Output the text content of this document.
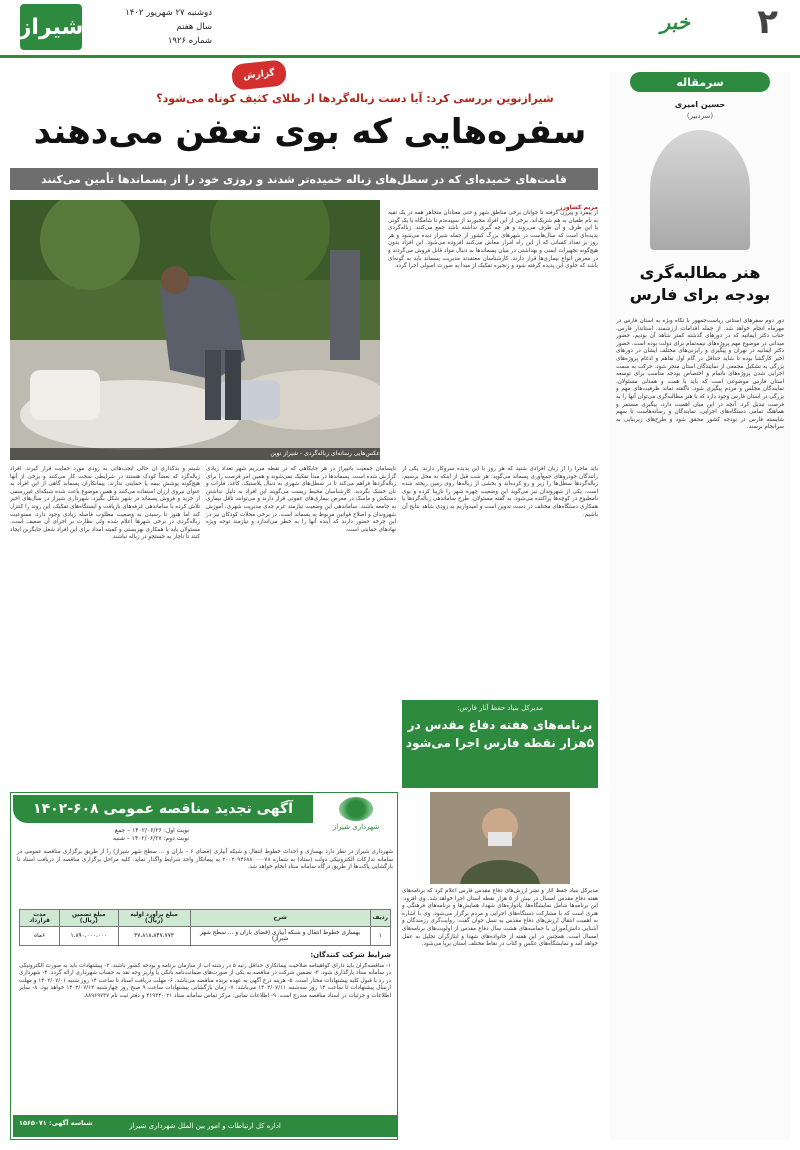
۲
خبر
شیراز
دوشنبه ۲۷ شهریور ۱۴۰۲
سال هفتم
شماره ۱۹۲۶
سرمقاله
حسین امیری
(سردبیر)
هنر مطالبه‌گری بودجه برای فارس
دور دوم سفرهای استانی ریاست‌جمهور با نگاه ویژه به استان فارس در مهرماه انجام خواهد شد. از جمله اقدامات ارزشمند، استاندار فارس، جناب دکتر ایمانیه که در دورهای گذشته کمتر شاهد آن بودیم، حضور میدانی در موضوع مهم پروژه‌های نیمه‌تمام برای دولت بوده است. حضور دکتر ایمانیه در تهران و پیگیری و رایزنی‌های مختلف ایشان در دورهای اخیر کارگشا بوده تا شاید حداقل در گام اول تفاهم و ادغام پروژه‌های بزرگی به تشکیل مجمعی از نمایندگان استان منجر شود. حرکت به سمت اجرایی شدن پروژه‌های ناتمام و اختصاص بودجه مناسب برای توسعه استان فارس موضوعی است که باید با همت و همدلی مسئولان، نمایندگان مجلس و مردم پیگیری شود. ناگفته نماند ظرفیت‌های مهم و بزرگی در استان فارس وجود دارد که با هنر مطالبه‌گری می‌توان آنها را به فرصت تبدیل کرد. آنچه در این میان اهمیت دارد، پیگیری مستمر و هماهنگ تمامی دستگاه‌های اجرایی، نمایندگان و رسانه‌هاست تا سهم شایسته فارس در بودجه کشور محقق شود و طرح‌های زیربنایی به سرانجام برسند.
گزارش
شیرازنوین بررسی کرد: آیا دست زباله‌گردها از طلای کثیف کوتاه می‌شود؟
سفره‌هایی که بوی تعفن می‌دهند
قامت‌های خمیده‌ای که در سطل‌های زباله خمیده‌تر شدند و روزی خود را از پسماندها تأمین می‌کنند
عکس‌هایی رسانه‌ای زباله‌گردی - شیراز نوین
مریم کشاورز
از پیمرد و پیرزن گرفته تا جوانان برخی مناطق شهر و حتی معتادان متجاهر همه در یک تقیه به نام طغیان به هم شریک‌اند. برخی از این افراد مجبورند از سپیده‌دم تا شامگاه با یک گونی یا این طرف و آن طرف می‌روند و هر چه گیری نداشته باشد جمع می‌کنند. زباله‌گردی پدیده‌ای است که سال‌هاست در شهرهای بزرگ کشور از جمله شیراز دیده می‌شود و هر روز بر تعداد کسانی که از این راه امرار معاش می‌کنند افزوده می‌شود. این افراد بدون هیچ‌گونه تجهیزات ایمنی و بهداشتی در میان پسماندها به دنبال مواد قابل فروش می‌گردند و در معرض انواع بیماری‌ها قرار دارند. کارشناسان معتقدند مدیریت پسماند باید به گونه‌ای باشد که جلوی این پدیده گرفته شود و زنجیره تفکیک از مبدأ به صورت اصولی اجرا گردد.
باید ماجرا را از زبان افرادی شنید که هر روز با این پدیده سروکار دارند. یکی از رانندگان خودروهای جمع‌آوری پسماند می‌گوید: هر شب قبل از اینکه به محل برسیم، زباله‌گردها سطل‌ها را زیر و رو کرده‌اند و بخشی از زباله‌ها روی زمین ریخته شده است. یکی از شهروندان نیز می‌گوید این وضعیت چهره شهر را نازیبا کرده و بوی نامطبوع در کوچه‌ها پراکنده می‌شود. به گفته مسئولان، طرح ساماندهی زباله‌گردها با همکاری دستگاه‌های مختلف در دست تدوین است و امیدواریم به زودی شاهد نتایج آن باشیم.
ناپسامان جمعیت بانیپراژ در هر جایگاهی که در نقطه می‌ریم شهر تعداد زیادی گزارش شده است. پسماندها در مبدأ تفکیک نمی‌شوند و همین امر فرصت را برای زباله‌گردها فراهم می‌کند تا در سطل‌های شهری به دنبال پلاستیک، کاغذ، فلزات و نان خشک بگردند. کارشناسان محیط زیست می‌گویند این افراد به دلیل نداشتن دستکش و ماسک در معرض بیماری‌های عفونی قرار دارند و می‌توانند ناقل بیماری به جامعه باشند. ساماندهی این وضعیت نیازمند عزم جدی مدیریت شهری، آموزش شهروندان و اصلاح قوانین مربوط به پسماند است. در برخی محلات کودکان نیز در این چرخه حضور دارند که آینده آنها را به خطر می‌اندازد و نیازمند توجه ویژه نهادهای حمایتی است.
شبنم و بدگذاری آن حالی ایجب‌هائی به زودی مورد حمایت قرار گیرند. افراد زباله‌گرد که بعضاً کودک هستند در شرایطی سخت کار می‌کنند و برخی از آنها هیچ‌گونه پوشش بیمه یا حمایتی ندارند. پیمانکاران پسماند گاهی از این افراد به عنوان نیروی ارزان استفاده می‌کنند و همین موضوع باعث شده شبکه‌ای غیررسمی از خرید و فروش پسماند در شهر شکل بگیرد. شهرداری شیراز در سال‌های اخیر تلاش کرده با ساماندهی غرفه‌های بازیافت و ایستگاه‌های تفکیک، این روند را کنترل کند اما هنوز تا رسیدن به وضعیت مطلوب فاصله زیادی وجود دارد. ممنوعیت زباله‌گردی در برخی شهرها اعلام شده ولی نظارت بر اجرای آن ضعیف است. مسئولان باید با همکاری بهزیستی و کمیته امداد برای این افراد شغل جایگزین ایجاد کنند تا ناچار به جستجو در زباله نباشند.
مدیرکل بنیاد حفظ آثار فارس:
برنامه‌های هفته دفاع مقدس در ۵هزار نقطه فارس اجرا می‌شود
مدیرکل بنیاد حفظ آثار و نشر ارزش‌های دفاع مقدس فارس اعلام کرد که برنامه‌های هفته دفاع مقدس امسال در بیش از ۵ هزار نقطه استان اجرا خواهد شد. وی افزود: این برنامه‌ها شامل نمایشگاه‌ها، یادواره‌های شهدا، همایش‌ها و برنامه‌های فرهنگی و هنری است که با مشارکت دستگاه‌های اجرایی و مردم برگزار می‌شود. وی با اشاره به اهمیت انتقال ارزش‌های دفاع مقدس به نسل جوان گفت: روایت‌گری رزمندگان و آشنایی دانش‌آموزان با حماسه‌های هشت سال دفاع مقدس از اولویت‌های برنامه‌های امسال است. همچنین در این هفته از خانواده‌های شهدا و ایثارگران تجلیل به عمل خواهد آمد و نمایشگاه‌های عکس و کتاب در نقاط مختلف استان برپا می‌شود.
آگهی تجدید مناقصه عمومی ۶۰۸-۱۴۰۲
شهرداری شیراز
نوبت اول: ۱۴۰۲/۰۶/۲۶ – جمع
نوبت دوم: ۱۴۰۲/۰۶/۲۷ – شنبه
شهرداری شیراز در نظر دارد بهسازی و احداث خطوط انتقال و شبکه آبیاری (فضای ۶ – باران و ... سطح شهر شیراز) را از طریق برگزاری مناقصه عمومی در سامانه تدارکات الکترونیکی دولت (ستاد) به شماره ۲۰۰۲۰۹۴۶۸۸۰۰۰۰۷۸ به پیمانکار واجد شرایط واگذار نماید. کلیه مراحل برگزاری مناقصه از دریافت اسناد تا بازگشایی پاکت‌ها از طریق درگاه سامانه ستاد انجام خواهد شد.
ردیف	شرح	مبلغ برآورد اولیه (ریال)	مبلغ تضمین (ریال)	مدت قرارداد
۱	بهسازی خطوط انتقال و شبکه آبیاری (فضای باران و ... سطح شهر شیراز)	۳۷،۸۱۸،۸۴۷،۷۷۳	۱،۸۹۰،۰۰۰،۰۰۰	۶ماه
شرایط شرکت کنندگان:
۱- مناقصه‌گران باید دارای گواهینامه صلاحیت پیمانکاری حداقل رتبه ۵ در رشته آب از سازمان برنامه و بودجه کشور باشند. ۲- پیشنهادات باید به صورت الکترونیکی در سامانه ستاد بارگذاری شود. ۳- تضمین شرکت در مناقصه به یکی از صورت‌های ضمانت‌نامه بانکی یا واریز وجه نقد به حساب شهرداری ارائه گردد. ۴- شهرداری در رد یا قبول کلیه پیشنهادات مختار است. ۵- هزینه درج آگهی به عهده برنده مناقصه می‌باشد. ۶- مهلت دریافت اسناد تا ساعت ۱۴ روز شنبه ۱۴۰۲/۰۷/۰۱ و مهلت ارسال پیشنهادات تا ساعت ۱۴ روز سه‌شنبه ۱۴۰۲/۰۷/۱۱ می‌باشد. ۷- زمان بازگشایی پیشنهادات ساعت ۹ صبح روز چهارشنبه ۱۴۰۲/۰۷/۱۲ خواهد بود. ۸- سایر اطلاعات و جزئیات در اسناد مناقصه مندرج است. ۹- اطلاعات تماس: مرکز تماس سامانه ستاد ۰۲۱-۴۱۹۳۴ و دفتر ثبت نام ۸۸۹۶۹۷۳۷.
اداره کل ارتباطات و امور بین الملل شهرداری شیراز
شناسه آگهی: ۱۵۶۵۰۷۱
